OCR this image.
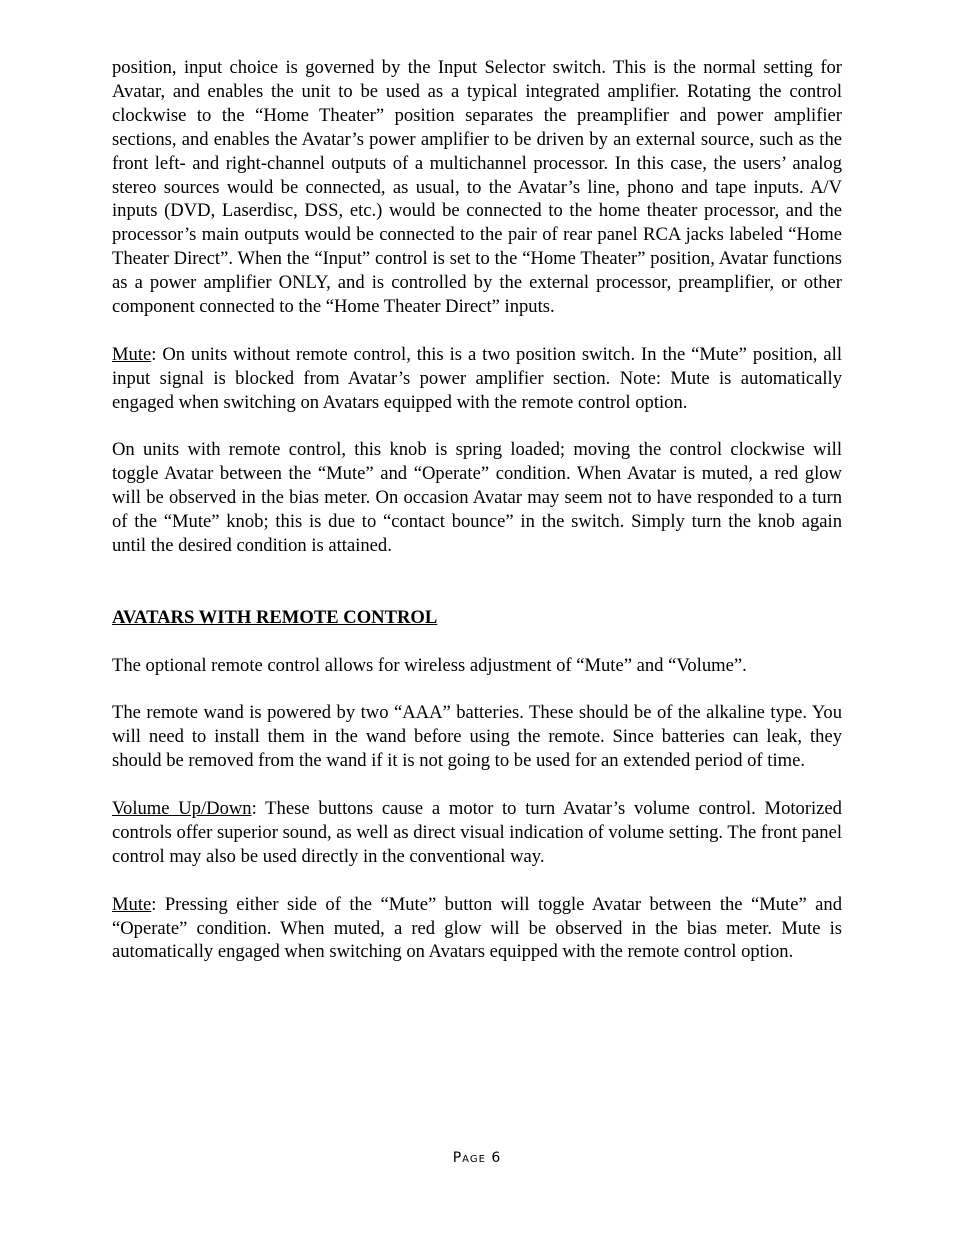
position, input choice is governed by the Input Selector switch. This is the normal setting for Avatar, and enables the unit to be used as a typical integrated amplifier. Rotating the control clockwise to the “Home Theater” position separates the preamplifier and power amplifier sections, and enables the Avatar’s power amplifier to be driven by an external source, such as the front left- and right-channel outputs of a multichannel processor. In this case, the users’ analog stereo sources would be connected, as usual, to the Avatar’s line, phono and tape inputs. A/V inputs (DVD, Laserdisc, DSS, etc.) would be connected to the home theater processor, and the processor’s main outputs would be connected to the pair of rear panel RCA jacks labeled “Home Theater Direct”. When the “Input” control is set to the “Home Theater” position, Avatar functions as a power amplifier ONLY, and is controlled by the external processor, preamplifier, or other component connected to the “Home Theater Direct” inputs.

Mute: On units without remote control, this is a two position switch. In the “Mute” position, all input signal is blocked from Avatar’s power amplifier section. Note: Mute is automatically engaged when switching on Avatars equipped with the remote control option.

On units with remote control, this knob is spring loaded; moving the control clockwise will toggle Avatar between the “Mute” and “Operate” condition. When Avatar is muted, a red glow will be observed in the bias meter. On occasion Avatar may seem not to have responded to a turn of the “Mute” knob; this is due to “contact bounce” in the switch. Simply turn the knob again until the desired condition is attained.

AVATARS WITH REMOTE CONTROL

The optional remote control allows for wireless adjustment of “Mute” and “Volume”.

The remote wand is powered by two “AAA” batteries. These should be of the alkaline type. You will need to install them in the wand before using the remote. Since batteries can leak, they should be removed from the wand if it is not going to be used for an extended period of time.

Volume Up/Down: These buttons cause a motor to turn Avatar’s volume control. Motorized controls offer superior sound, as well as direct visual indication of volume setting. The front panel control may also be used directly in the conventional way.

Mute: Pressing either side of the “Mute” button will toggle Avatar between the “Mute” and “Operate” condition. When muted, a red glow will be observed in the bias meter. Mute is automatically engaged when switching on Avatars equipped with the remote control option.

Page 6
